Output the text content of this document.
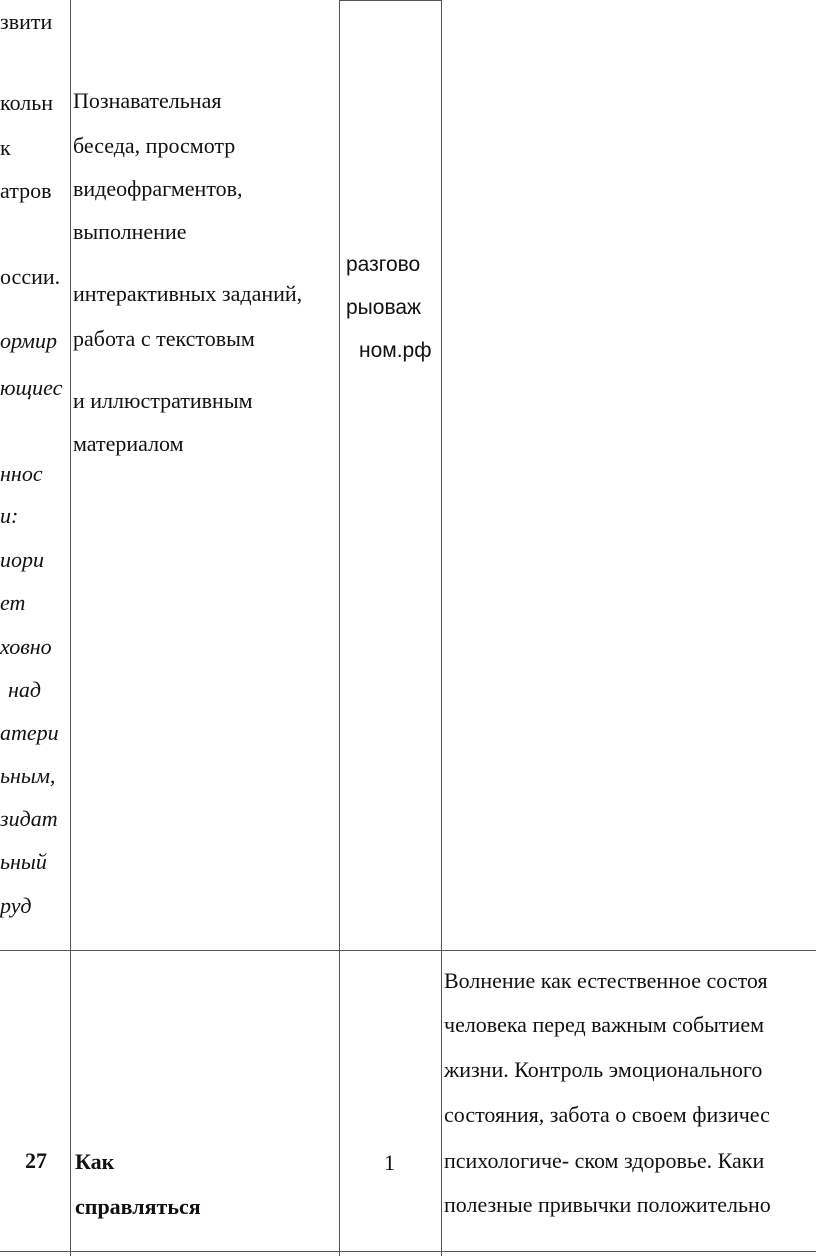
звити
кольн
к
атров
оссии.
ормир
ющиес
ннос
и:
иори
ет
ховно
над
атери
ьным,
зидат
ьный
руд
Познавательная
беседа, просмотр
видеофрагментов,
выполнение
интерактивных заданий,
работа с текстовым
и иллюстративным
материалом
разгово
рыоваж
ном.рф
27 Как
справляться
1
Волнение как естественное состоя
человека перед важным событием
жизни. Контроль эмоционального
состояния, забота о своем физичес
психологиче- ском здоровье. Каки
полезные привычки положительно
